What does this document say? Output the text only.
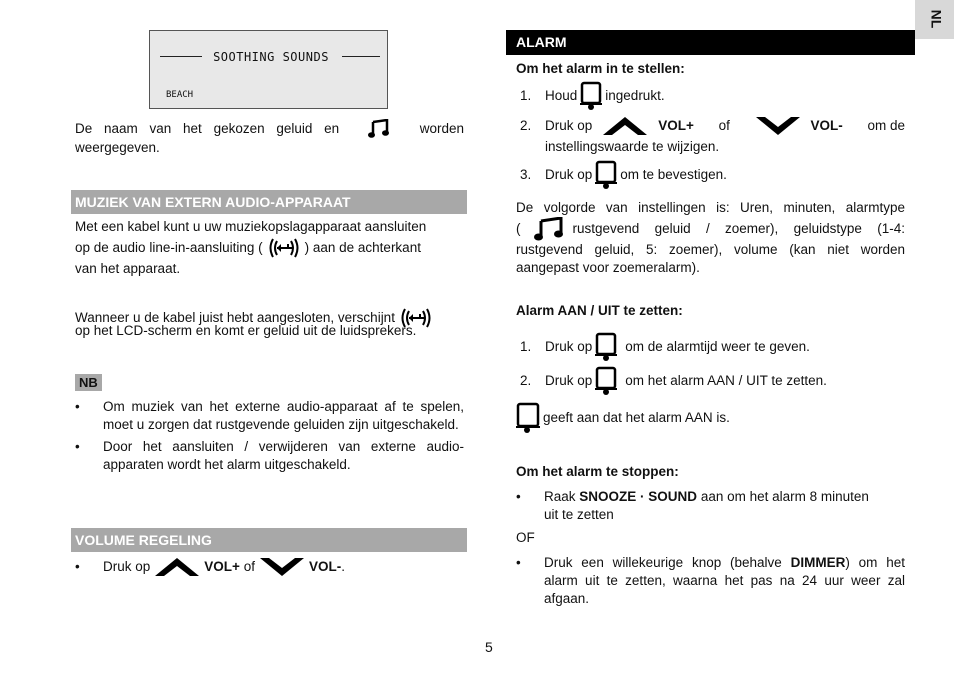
NL
SOOTHING SOUNDS
BEACH
De naam van het gekozen geluid en	worden
weergegeven.
MUZIEK VAN EXTERN AUDIO-APPARAAT
Met een kabel kunt u uw muziekopslagapparaat aansluiten
op de audio line-in-aansluiting (	) aan de achterkant
van het apparaat.
Wanneer u de kabel juist hebt aangesloten, verschijnt
op het LCD-scherm en komt er geluid uit de luidsprekers.
NB
•	Om muziek van het externe audio-apparaat af te spelen, moet u zorgen dat rustgevende geluiden zijn uitgeschakeld.
•	Door het aansluiten / verwijderen van externe audio-apparaten wordt het alarm uitgeschakeld.
VOLUME REGELING
•	Druk op	VOL+
of	VOL- .
ALARM
Om het alarm in te stellen:
1.	Houd ingedrukt.
2.	Druk op	VOL+ of	VOL- om de
instellingswaarde te wijzigen.
3.	Druk op om te bevestigen.
De volgorde van instellingen is: Uren, minuten, alarmtype
(	rustgevend geluid / zoemer), geluidstype (1-4:
rustgevend geluid, 5: zoemer), volume (kan niet worden
aangepast voor zoemeralarm).
Alarm AAN / UIT te zetten:
1.	Druk op om de alarmtijd weer te geven.
2.	Druk op om het alarm AAN / UIT te zetten.
geeft aan dat het alarm AAN is.
Om het alarm te stoppen:
•	Raak SNOOZE · SOUND aan om het alarm 8 minuten
uit te zetten
OF
•	Druk een willekeurige knop (behalve DIMMER) om het
alarm uit te zetten, waarna het pas na 24 uur weer zal
afgaan.
5
